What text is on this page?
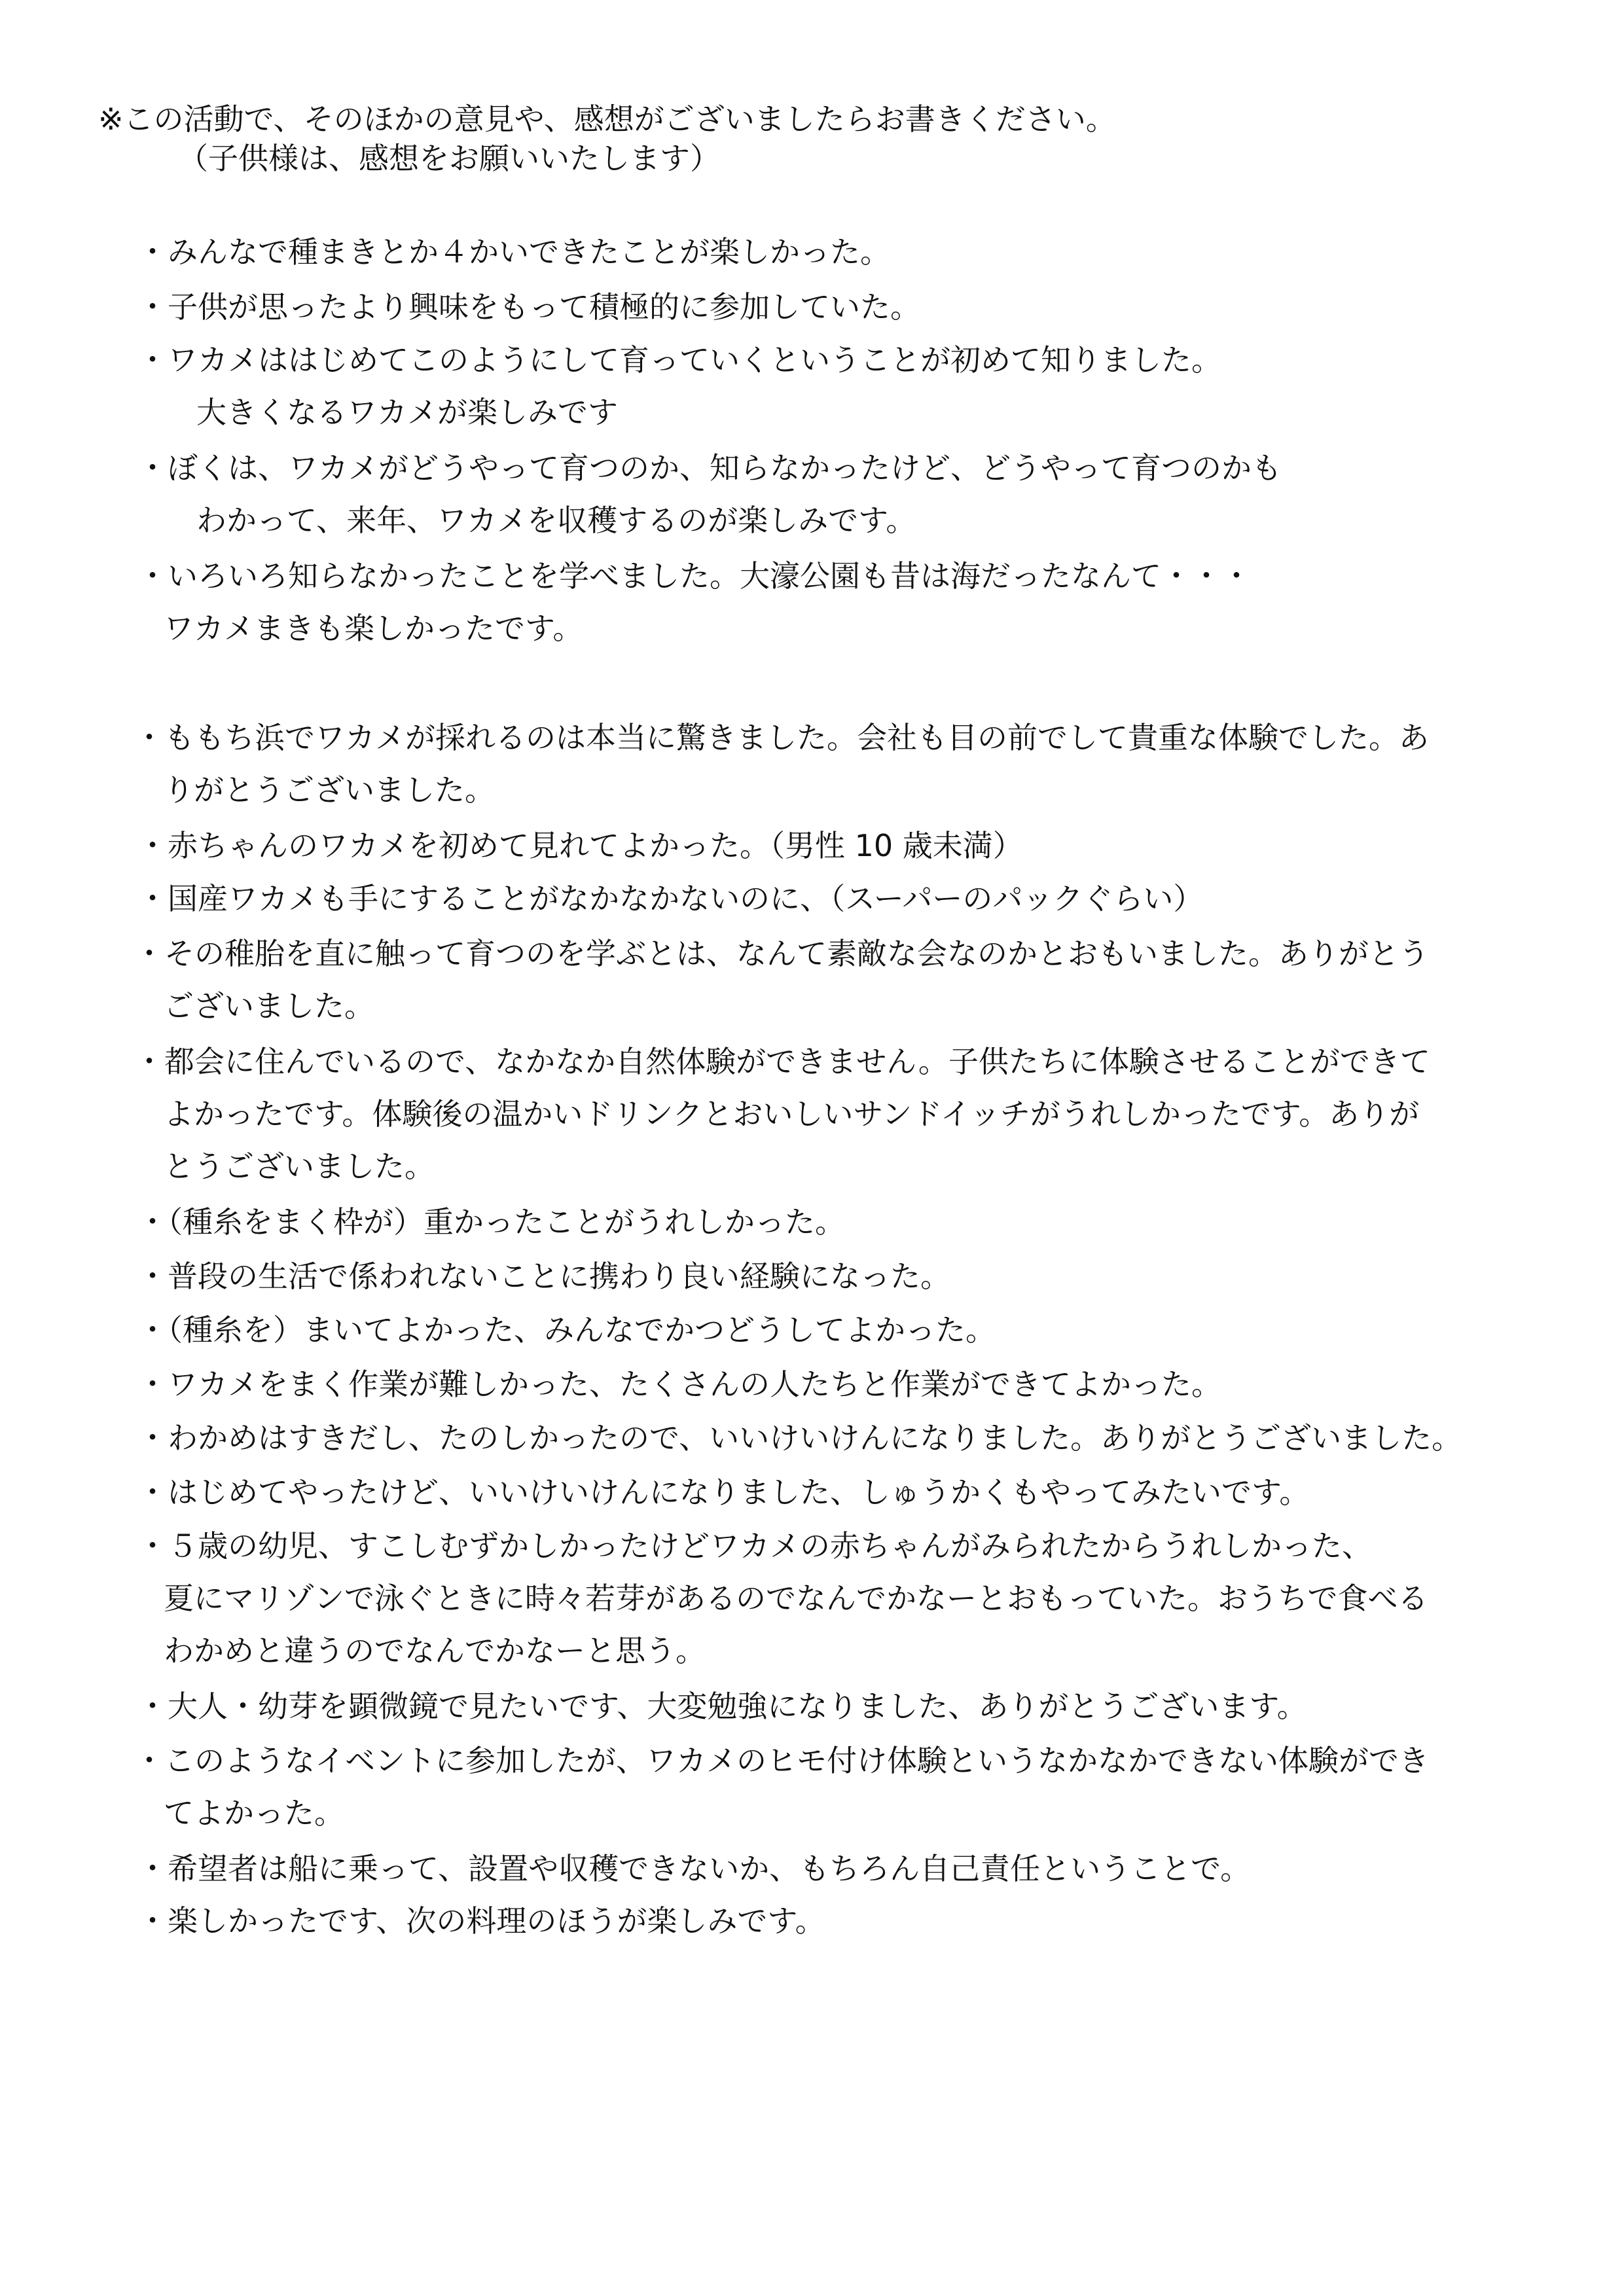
※この活動で、そのほかの意見や、感想がございましたらお書きください。

（子供様は、感想をお願いいたします）

・みんなで種まきとか４かいできたことが楽しかった。

・子供が思ったより興味をもって積極的に参加していた。

・ワカメははじめてこのようにして育っていくということが初めて知りました。

大きくなるワカメが楽しみです

・ぼくは、ワカメがどうやって育つのか、知らなかったけど、どうやって育つのかも

わかって、来年、ワカメを収穫するのが楽しみです。

・いろいろ知らなかったことを学べました。大濠公園も昔は海だったなんて・・・

ワカメまきも楽しかったです。

・ももち浜でワカメが採れるのは本当に驚きました。会社も目の前でして貴重な体験でした。あ

りがとうございました。

・赤ちゃんのワカメを初めて見れてよかった。（男性 10 歳未満）

・国産ワカメも手にすることがなかなかないのに、（スーパーのパックぐらい）

・その稚胎を直に触って育つのを学ぶとは、なんて素敵な会なのかとおもいました。ありがとう

ございました。

・都会に住んでいるので、なかなか自然体験ができません。子供たちに体験させることができて

よかったです。体験後の温かいドリンクとおいしいサンドイッチがうれしかったです。ありが

とうございました。

・（種糸をまく枠が）重かったことがうれしかった。

・普段の生活で係われないことに携わり良い経験になった。

・（種糸を）まいてよかった、みんなでかつどうしてよかった。

・ワカメをまく作業が難しかった、たくさんの人たちと作業ができてよかった。

・わかめはすきだし、たのしかったので、いいけいけんになりました。ありがとうございました。

・はじめてやったけど、いいけいけんになりました、しゅうかくもやってみたいです。

・５歳の幼児、すこしむずかしかったけどワカメの赤ちゃんがみられたからうれしかった、

夏にマリゾンで泳ぐときに時々若芽があるのでなんでかなーとおもっていた。おうちで食べる

わかめと違うのでなんでかなーと思う。

・大人・幼芽を顕微鏡で見たいです、大変勉強になりました、ありがとうございます。

・このようなイベントに参加したが、ワカメのヒモ付け体験というなかなかできない体験ができ

てよかった。

・希望者は船に乗って、設置や収穫できないか、もちろん自己責任ということで。

・楽しかったです、次の料理のほうが楽しみです。
